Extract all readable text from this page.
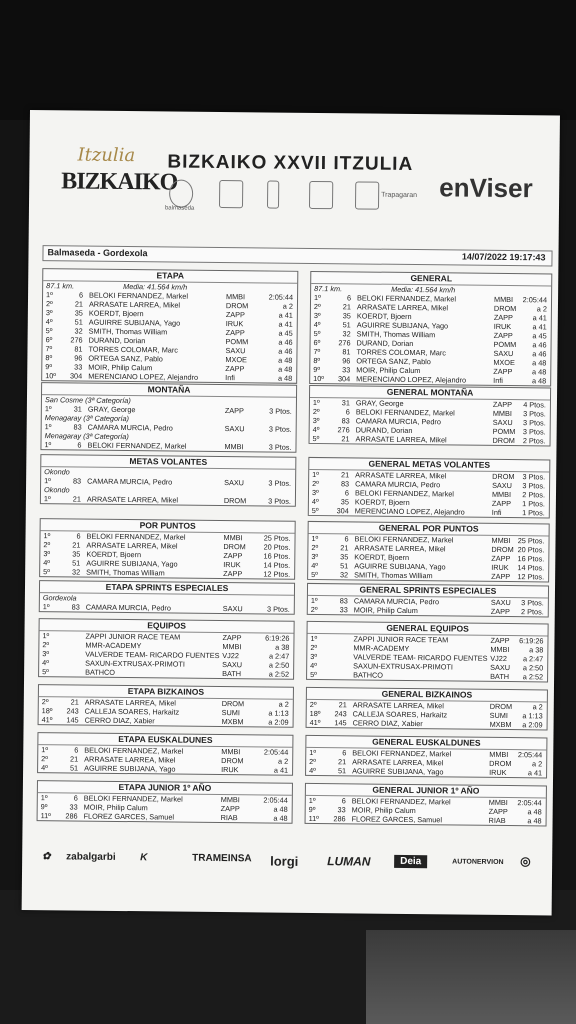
Itzulia
BIZKAIKO
BIZKAIKO XXVII ITZULIA
enViser
balmaseda
Trapagaran
Balmaseda - Gordexola	14/07/2022 19:17:43
ETAPA
87.1 km.	Media: 41.564 km/h
1º	6 BELOKI FERNANDEZ, Markel	MMBI	2:05:44
2º	21 ARRASATE LARREA, Mikel	DROM	a 2
3º	35 KOERDT, Bjoern	ZAPP	a 41
4º	51 AGUIRRE SUBIJANA, Yago	IRUK	a 41
5º	32 SMITH, Thomas William	ZAPP	a 45
6º 276 DURAND, Dorian	POMM	a 46
7º	81 TORRES COLOMAR, Marc	SAXU	a 46
8º	96 ORTEGA SANZ, Pablo	MXOE	a 48
9º	33 MOIR, Philip Calum	ZAPP	a 48
10º 304 MERENCIANO LOPEZ, Alejandro	Infi	a 48
GENERAL
87.1 km.	Media: 41.564 km/h
1º	6 BELOKI FERNANDEZ, Markel	MMBI 2:05:44
2º	21 ARRASATE LARREA, Mikel	DROM	a 2
3º	35 KOERDT, Bjoern	ZAPP	a 41
4º	51 AGUIRRE SUBIJANA, Yago	IRUK	a 41
5º	32 SMITH, Thomas William	ZAPP	a 45
6º 276 DURAND, Dorian	POMM a 46
7º	81 TORRES COLOMAR, Marc	SAXU	a 46
8º	96 ORTEGA SANZ, Pablo	MXOE a 48
9º	33 MOIR, Philip Calum	ZAPP	a 48
10º 304 MERENCIANO LOPEZ, Alejandro	Infi	a 48
MONTAÑA
San Cosme (3ª Categoría)
1º	31 GRAY, George	ZAPP	3 Ptos.
Menagaray (3ª Categoría)
1º	83 CAMARA MURCIA, Pedro	SAXU	3 Ptos.
Menagaray (3ª Categoría)
1º	6 BELOKI FERNANDEZ, Markel	MMBI	3 Ptos.
GENERAL MONTAÑA
1º	31 GRAY, George	ZAPP 4 Ptos.
2º	6 BELOKI FERNANDEZ, Markel	MMBI 3 Ptos.
3º	83 CAMARA MURCIA, Pedro	SAXU 3 Ptos.
4º 276 DURAND, Dorian	POMM 3 Ptos.
5º	21 ARRASATE LARREA, Mikel	DROM 2 Ptos.
METAS VOLANTES
Okondo
1º	83 CAMARA MURCIA, Pedro	SAXU	3 Ptos.
Okondo
1º	21 ARRASATE LARREA, Mikel	DROM	3 Ptos.
GENERAL METAS VOLANTES
1º	21 ARRASATE LARREA, Mikel	DROM 3 Ptos.
2º	83 CAMARA MURCIA, Pedro	SAXU 3 Ptos.
3º	6 BELOKI FERNANDEZ, Markel	MMBI 2 Ptos.
4º	35 KOERDT, Bjoern	ZAPP 1 Ptos.
5º 304 MERENCIANO LOPEZ, Alejandro	Infi	1 Ptos.
POR PUNTOS
1º	6 BELOKI FERNANDEZ, Markel	MMBI	25 Ptos.
2º	21 ARRASATE LARREA, Mikel	DROM 20 Ptos.
3º	35 KOERDT, Bjoern	ZAPP	16 Ptos.
4º	51 AGUIRRE SUBIJANA, Yago	IRUK	14 Ptos.
5º	32 SMITH, Thomas William	ZAPP	12 Ptos.
GENERAL POR PUNTOS
1º	6 BELOKI FERNANDEZ, Markel	MMBI 25 Ptos.
2º	21 ARRASATE LARREA, Mikel	DROM 20 Ptos.
3º	35 KOERDT, Bjoern	ZAPP 16 Ptos.
4º	51 AGUIRRE SUBIJANA, Yago	IRUK 14 Ptos.
5º	32 SMITH, Thomas William	ZAPP 12 Ptos.
ETAPA SPRINTS ESPECIALES
Gordexola
1º	83 CAMARA MURCIA, Pedro	SAXU	3 Ptos.
GENERAL SPRINTS ESPECIALES
1º	83 CAMARA MURCIA, Pedro	SAXU 3 Ptos.
2º	33 MOIR, Philip Calum	ZAPP 2 Ptos.
EQUIPOS
1º	ZAPPI JUNIOR RACE TEAM	ZAPP	6:19:26
2º	MMR-ACADEMY	MMBI	a 38
3º	VALVERDE TEAM- RICARDO FUENTES VJ22	a 2:47
4º	SAXUN-EXTRUSAX-PRIMOTI	SAXU	a 2:50
5º	BATHCO	BATH	a 2:52
GENERAL EQUIPOS
1º	ZAPPI JUNIOR RACE TEAM	ZAPP 6:19:26
2º	MMR-ACADEMY	MMBI	a 38
3º	VALVERDE TEAM- RICARDO FUENTES VJ22 a 2:47
4º	SAXUN-EXTRUSAX-PRIMOTI	SAXU a 2:50
5º	BATHCO	BATH a 2:52
ETAPA BIZKAINOS
2º	21 ARRASATE LARREA, Mikel	DROM	a 2
18º 243 CALLEJA SOARES, Harkaitz	SUMI	a 1:13
41º 145 CERRO DIAZ, Xabier	MXBM	a 2:09
GENERAL BIZKAINOS
2º	21 ARRASATE LARREA, Mikel	DROM	a 2
18º 243 CALLEJA SOARES, Harkaitz	SUMI a 1:13
41º 145 CERRO DIAZ, Xabier	MXBM a 2:09
ETAPA EUSKALDUNES
1º	6 BELOKI FERNANDEZ, Markel	MMBI	2:05:44
2º	21 ARRASATE LARREA, Mikel	DROM	a 2
4º	51 AGUIRRE SUBIJANA, Yago	IRUK	a 41
GENERAL EUSKALDUNES
1º	6 BELOKI FERNANDEZ, Markel	MMBI 2:05:44
2º	21 ARRASATE LARREA, Mikel	DROM	a 2
4º	51 AGUIRRE SUBIJANA, Yago	IRUK	a 41
ETAPA JUNIOR 1º AÑO
1º	6 BELOKI FERNANDEZ, Markel	MMBI	2:05:44
9º	33 MOIR, Philip Calum	ZAPP	a 48
11º 286 FLOREZ GARCES, Samuel	RIAB	a 48
GENERAL JUNIOR 1º AÑO
1º	6 BELOKI FERNANDEZ, Markel	MMBI 2:05:44
9º	33 MOIR, Philip Calum	ZAPP	a 48
11º 286 FLOREZ GARCES, Samuel	RIAB	a 48
✿ zabalgarbi K	TRAMEINSA lorgi LUMAN	Deia	AUTONERVION ◎
